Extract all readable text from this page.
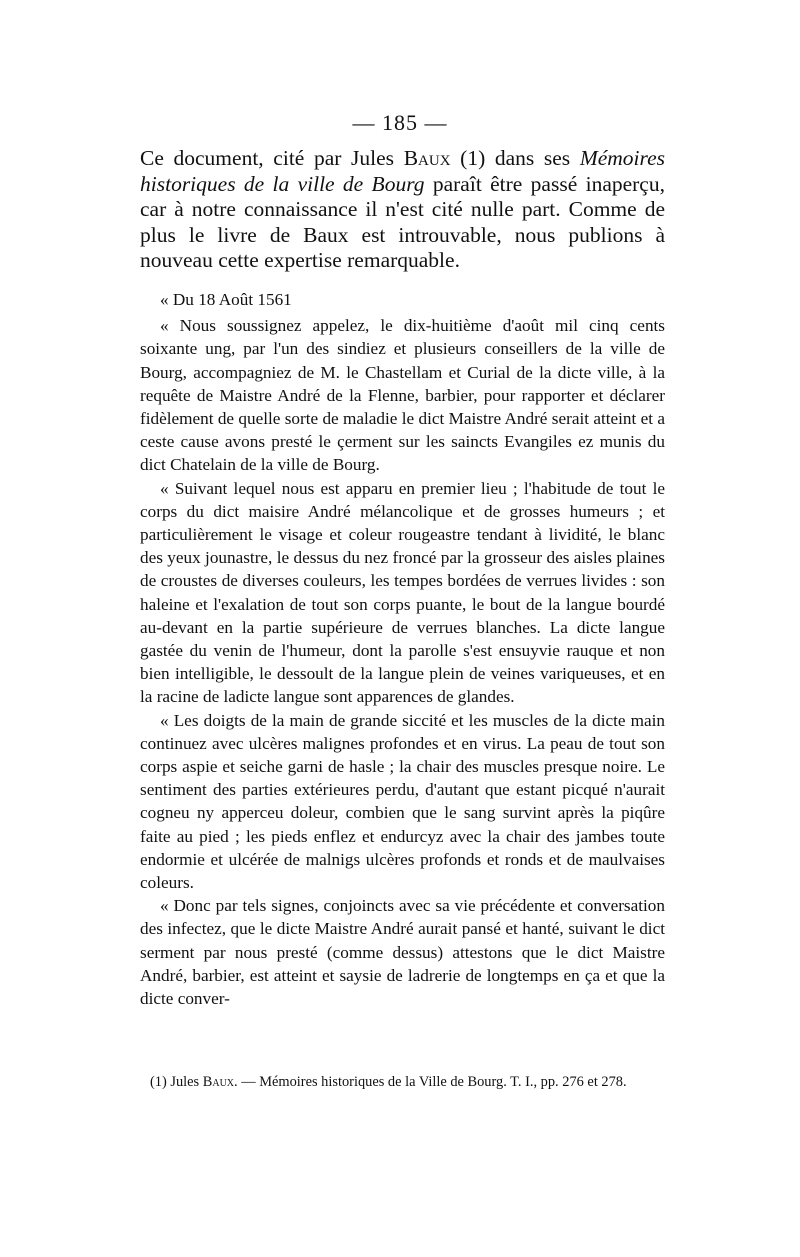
— 185 —

Ce document, cité par Jules Baux (1) dans ses Mémoires historiques de la ville de Bourg paraît être passé inaperçu, car à notre connaissance il n'est cité nulle part. Comme de plus le livre de Baux est introuvable, nous publions à nouveau cette expertise remarquable.

« Du 18 Août 1561

« Nous soussignez appelez, le dix-huitième d'août mil cinq cents soixante ung, par l'un des sindiez et plusieurs conseillers de la ville de Bourg, accompagniez de M. le Chastellam et Curial de la dicte ville, à la requête de Maistre André de la Flenne, barbier, pour rapporter et déclarer fidèlement de quelle sorte de maladie le dict Maistre André serait atteint et a ceste cause avons presté le çerment sur les saincts Evangiles ez munis du dict Chatelain de la ville de Bourg.

« Suivant lequel nous est apparu en premier lieu ; l'habitude de tout le corps du dict maisire André mélancolique et de grosses humeurs ; et particulièrement le visage et coleur rougeastre tendant à lividité, le blanc des yeux jounastre, le dessus du nez froncé par la grosseur des aisles plaines de croustes de diverses couleurs, les tempes bordées de verrues livides : son haleine et l'exalation de tout son corps puante, le bout de la langue bourdé au-devant en la partie supérieure de verrues blanches. La dicte langue gastée du venin de l'humeur, dont la parolle s'est ensuyvie rauque et non bien intelligible, le dessoult de la langue plein de veines variqueuses, et en la racine de ladicte langue sont apparences de glandes.

« Les doigts de la main de grande siccité et les muscles de la dicte main continuez avec ulcères malignes profondes et en virus. La peau de tout son corps aspie et seiche garni de hasle ; la chair des muscles presque noire. Le sentiment des parties extérieures perdu, d'autant que estant picqué n'aurait cogneu ny apperceu doleur, combien que le sang survint après la piqûre faite au pied ; les pieds enflez et endurcyz avec la chair des jambes toute endormie et ulcérée de malnigs ulcères profonds et ronds et de maulvaises coleurs.

« Donc par tels signes, conjoincts avec sa vie précédente et conversation des infectez, que le dicte Maistre André aurait pansé et hanté, suivant le dict serment par nous presté (comme dessus) attestons que le dict Maistre André, barbier, est atteint et saysie de ladrerie de longtemps en ça et que la dicte conver-

(1) Jules Baux. — Mémoires historiques de la Ville de Bourg. T. I., pp. 276 et 278.
